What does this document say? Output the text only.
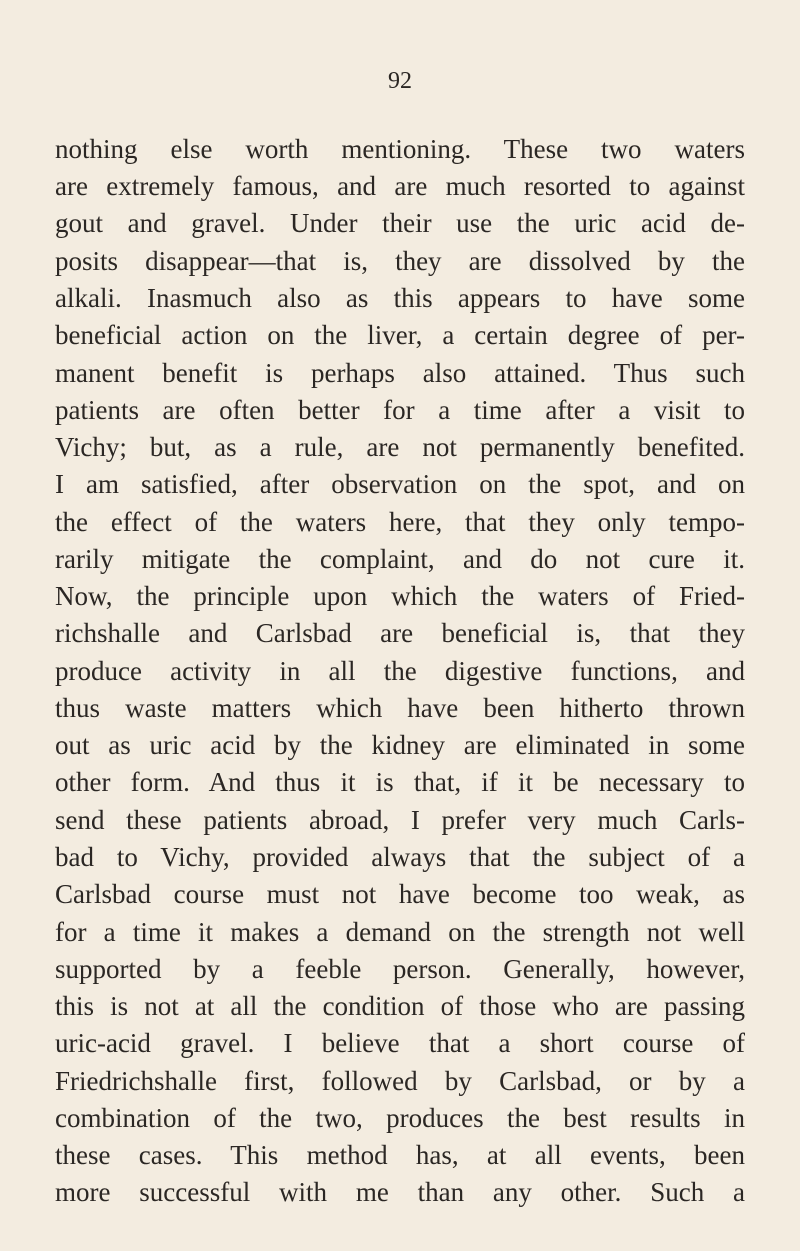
92
nothing else worth mentioning. These two waters
are extremely famous, and are much resorted to against
gout and gravel. Under their use the uric acid de-
posits disappear—that is, they are dissolved by the
alkali. Inasmuch also as this appears to have some
beneficial action on the liver, a certain degree of per-
manent benefit is perhaps also attained. Thus such
patients are often better for a time after a visit to
Vichy; but, as a rule, are not permanently benefited.
I am satisfied, after observation on the spot, and on
the effect of the waters here, that they only tempo-
rarily mitigate the complaint, and do not cure it.
Now, the principle upon which the waters of Fried-
richshalle and Carlsbad are beneficial is, that they
produce activity in all the digestive functions, and
thus waste matters which have been hitherto thrown
out as uric acid by the kidney are eliminated in some
other form. And thus it is that, if it be necessary to
send these patients abroad, I prefer very much Carls-
bad to Vichy, provided always that the subject of a
Carlsbad course must not have become too weak, as
for a time it makes a demand on the strength not well
supported by a feeble person. Generally, however,
this is not at all the condition of those who are passing
uric-acid gravel. I believe that a short course of
Friedrichshalle first, followed by Carlsbad, or by a
combination of the two, produces the best results in
these cases. This method has, at all events, been
more successful with me than any other. Such a
